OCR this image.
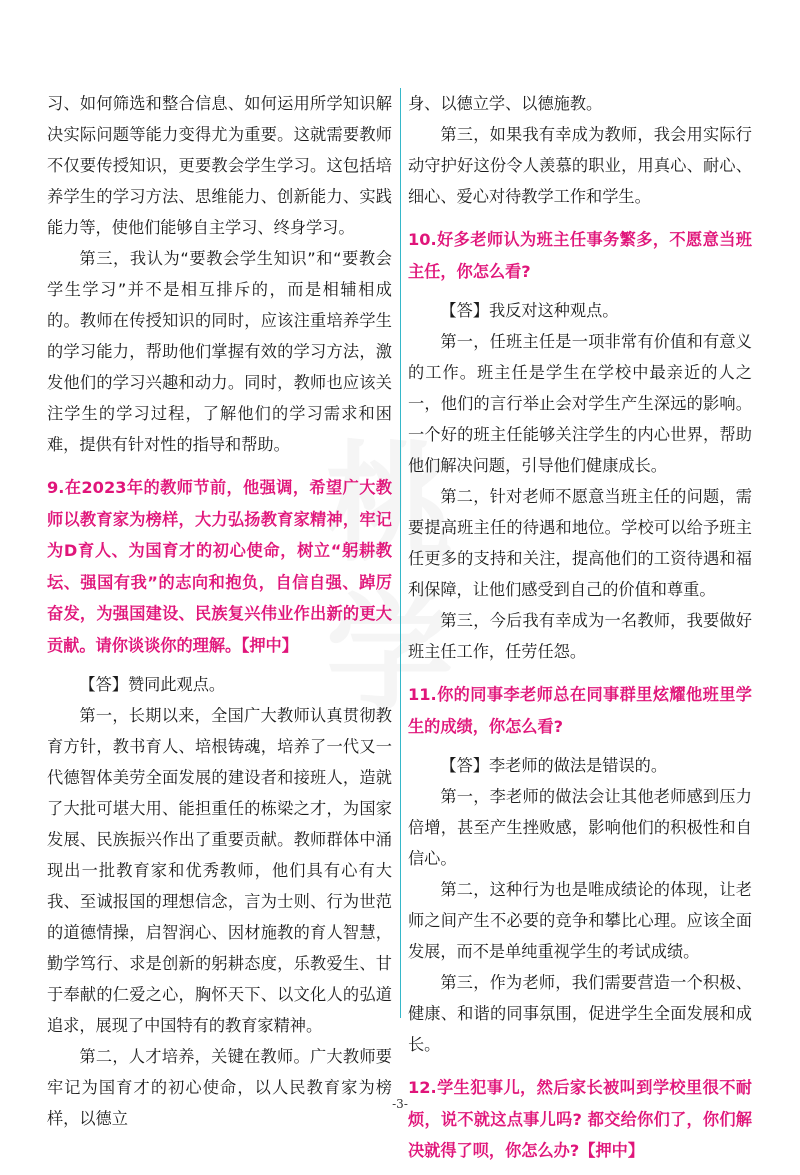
桃
学

习、如何筛选和整合信息、如何运用所学知识解决实际问题等能力变得尤为重要。这就需要教师不仅要传授知识，更要教会学生学习。这包括培养学生的学习方法、思维能力、创新能力、实践能力等，使他们能够自主学习、终身学习。

第三，我认为“要教会学生知识”和“要教会学生学习”并不是相互排斥的，而是相辅相成的。教师在传授知识的同时，应该注重培养学生的学习能力，帮助他们掌握有效的学习方法，激发他们的学习兴趣和动力。同时，教师也应该关注学生的学习过程，了解他们的学习需求和困难，提供有针对性的指导和帮助。

9.在2023年的教师节前，他强调，希望广大教师以教育家为榜样，大力弘扬教育家精神，牢记为D育人、为国育才的初心使命，树立“躬耕教坛、强国有我”的志向和抱负，自信自强、踔厉奋发，为强国建设、民族复兴伟业作出新的更大贡献。请你谈谈你的理解。【押中】

【答】赞同此观点。

第一，长期以来，全国广大教师认真贯彻教育方针，教书育人、培根铸魂，培养了一代又一代德智体美劳全面发展的建设者和接班人，造就了大批可堪大用、能担重任的栋梁之才，为国家发展、民族振兴作出了重要贡献。教师群体中涌现出一批教育家和优秀教师，他们具有心有大我、至诚报国的理想信念，言为士则、行为世范的道德情操，启智润心、因材施教的育人智慧，勤学笃行、求是创新的躬耕态度，乐教爱生、甘于奉献的仁爱之心，胸怀天下、以文化人的弘道追求，展现了中国特有的教育家精神。

第二，人才培养，关键在教师。广大教师要牢记为国育才的初心使命，以人民教育家为榜样，以德立

身、以德立学、以德施教。

第三，如果我有幸成为教师，我会用实际行动守护好这份令人羡慕的职业，用真心、耐心、细心、爱心对待教学工作和学生。

10.好多老师认为班主任事务繁多，不愿意当班主任，你怎么看?

【答】我反对这种观点。

第一，任班主任是一项非常有价值和有意义的工作。班主任是学生在学校中最亲近的人之一，他们的言行举止会对学生产生深远的影响。一个好的班主任能够关注学生的内心世界，帮助他们解决问题，引导他们健康成长。

第二，针对老师不愿意当班主任的问题，需要提高班主任的待遇和地位。学校可以给予班主任更多的支持和关注，提高他们的工资待遇和福利保障，让他们感受到自己的价值和尊重。

第三，今后我有幸成为一名教师，我要做好班主任工作，任劳任怨。

11.你的同事李老师总在同事群里炫耀他班里学生的成绩，你怎么看?

【答】李老师的做法是错误的。

第一，李老师的做法会让其他老师感到压力倍增，甚至产生挫败感，影响他们的积极性和自信心。

第二，这种行为也是唯成绩论的体现，让老师之间产生不必要的竞争和攀比心理。应该全面发展，而不是单纯重视学生的考试成绩。

第三，作为老师，我们需要营造一个积极、健康、和谐的同事氛围，促进学生全面发展和成长。

12.学生犯事儿，然后家长被叫到学校里很不耐烦，说不就这点事儿吗? 都交给你们了，你们解决就得了呗，你怎么办?【押中】

-3-
